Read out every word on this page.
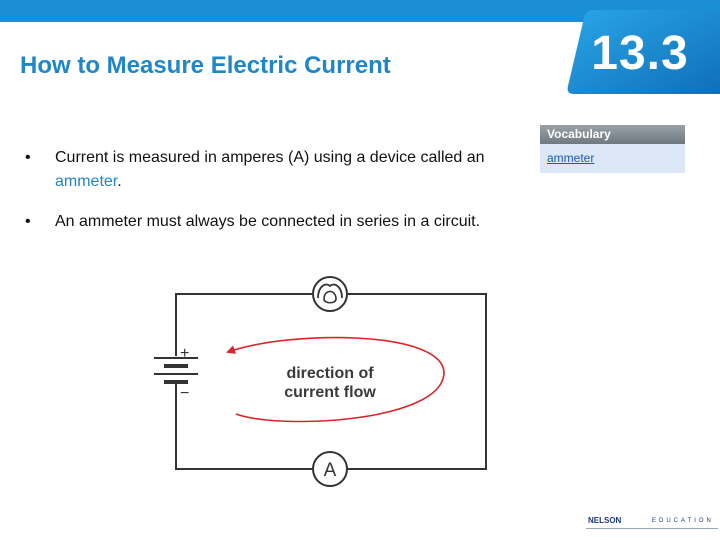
How to Measure Electric Current	13.3
• Current is measured in amperes (A) using a device called an ammeter.
• An ammeter must always be connected in series in a circuit.
Vocabulary
ammeter
+
−
A
direction of
current flow
NELSON	EDUCATION
